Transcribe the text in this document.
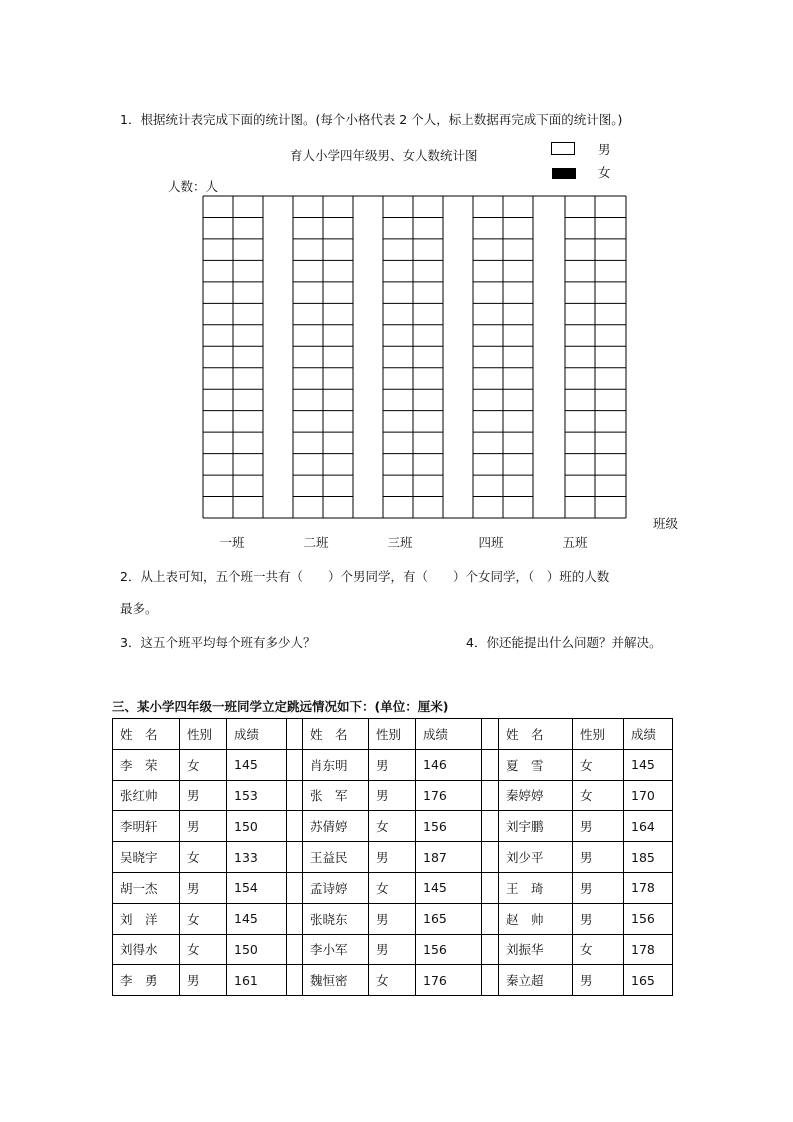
1．根据统计表完成下面的统计图。(每个小格代表 2 个人，标上数据再完成下面的统计图。)
育人小学四年级男、女人数统计图	男
女
人数：人
班级
一班	二班	三班	四班	五班
2．从上表可知，五个班一共有（　　）个男同学，有（　　）个女同学，（　）班的人数
最多。
3．这五个班平均每个班有多少人？	4．你还能提出什么问题？并解决。
三、某小学四年级一班同学立定跳远情况如下：(单位：厘米)
姓　名	性别	成绩		姓　名	性别	成绩		姓　名	性别	成绩
李　荣	女	145		肖东明	男	146		夏　雪	女	145
张红帅	男	153		张　军	男	176		秦婷婷	女	170
李明轩	男	150		苏倩婷	女	156		刘宇鹏	男	164
吴晓宇	女	133		王益民	男	187		刘少平	男	185
胡一杰	男	154		孟诗婷	女	145		王　琦	男	178
刘　洋	女	145		张晓东	男	165		赵　帅	男	156
刘得水	女	150		李小军	男	156		刘振华	女	178
李　勇	男	161		魏恒密	女	176		秦立超	男	165
